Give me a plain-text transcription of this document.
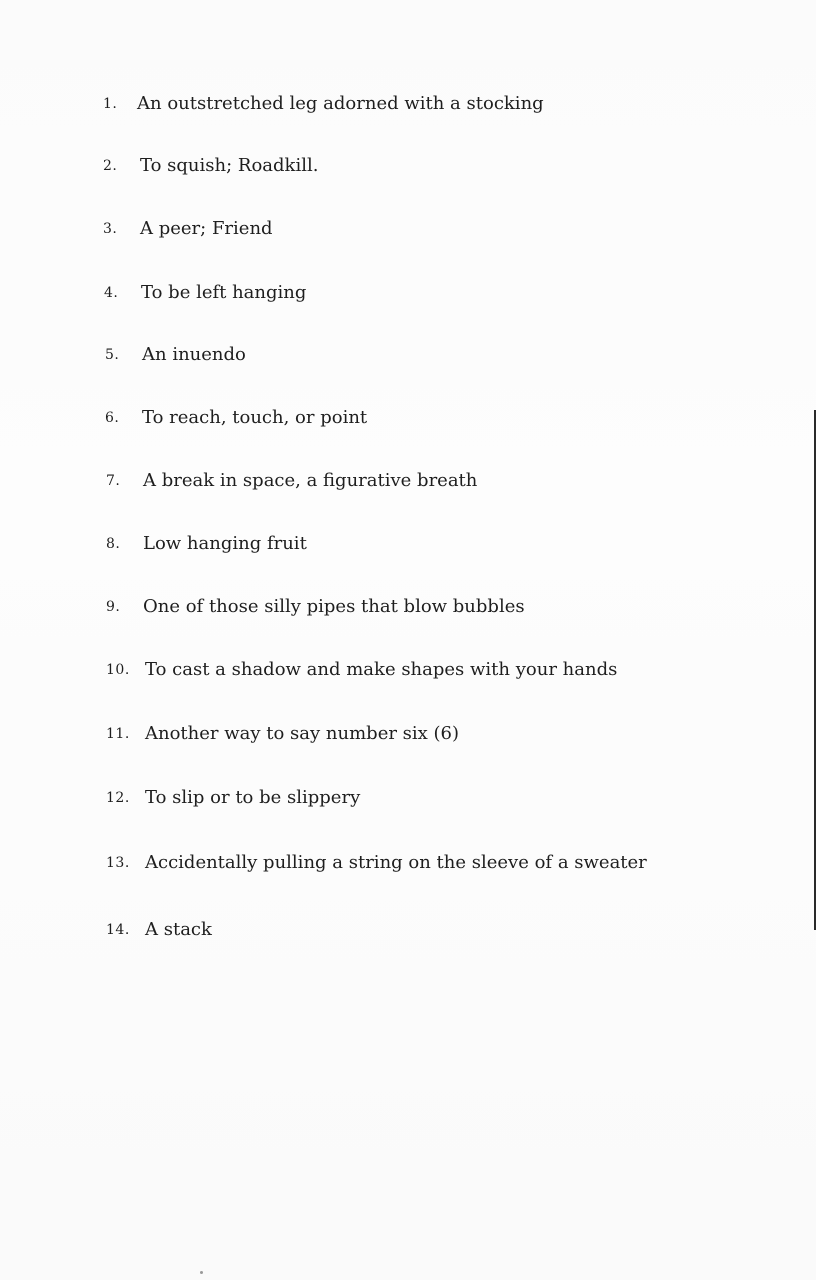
1. An outstretched leg adorned with a stocking
2. To squish; Roadkill.
3. A peer; Friend
4. To be left hanging
5. An inuendo
6. To reach, touch, or point
7. A break in space, a figurative breath
8. Low hanging fruit
9. One of those silly pipes that blow bubbles
10. To cast a shadow and make shapes with your hands
11. Another way to say number six (6)
12. To slip or to be slippery
13. Accidentally pulling a string on the sleeve of a sweater
14. A stack
